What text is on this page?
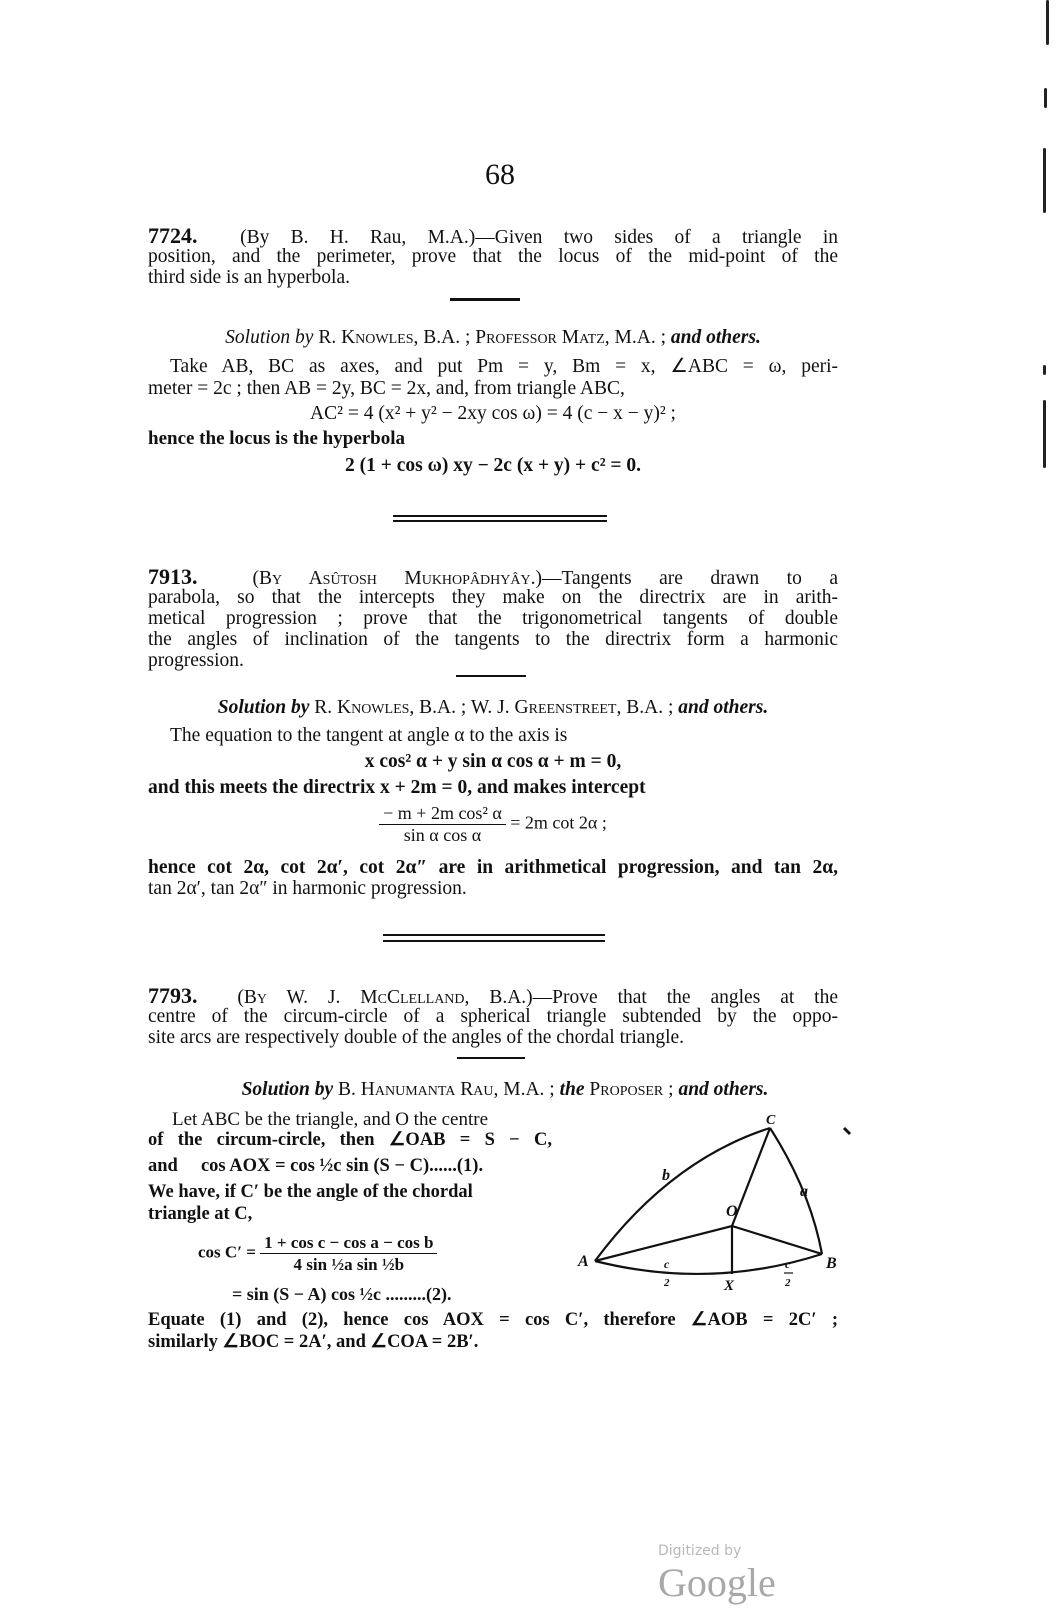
68
7724. (By B. H. Rau, M.A.)—Given two sides of a triangle in
position, and the perimeter, prove that the locus of the mid-point of the
third side is an hyperbola.
Solution by R. Knowles, B.A. ; Professor Matz, M.A. ; and others.
Take AB, BC as axes, and put Pm = y, Bm = x, ∠ABC = ω, peri-
meter = 2c ; then AB = 2y, BC = 2x, and, from triangle ABC,
AC² = 4 (x² + y² − 2xy cos ω) = 4 (c − x − y)² ;
hence the locus is the hyperbola
2 (1 + cos ω) xy − 2c (x + y) + c² = 0.
7913.	(By Asûtosh Mukhopâdhyây.)—Tangents are drawn to a
parabola, so that the intercepts they make on the directrix are in arith-
metical progression ; prove that the trigonometrical tangents of double
the angles of inclination of the tangents to the directrix form a harmonic
progression.
Solution by R. Knowles, B.A. ; W. J. Greenstreet, B.A. ; and others.
The equation to the tangent at angle α to the axis is
x cos² α + y sin α cos α + m = 0,
and this meets the directrix x + 2m = 0, and makes intercept
$\frac{\text{− m + 2m cos² α}}{\text{sin α cos α}} = 2m$ cot 2α ;
hence cot 2α, cot 2α′, cot 2α″ are in arithmetical progression, and tan 2α,
tan 2α′, tan 2α″ in harmonic progression.
7793. (By W. J. McClelland, B.A.)—Prove that the angles at the
centre of the circum-circle of a spherical triangle subtended by the oppo-
site arcs are respectively double of the angles of the chordal triangle.
Solution by B. Hanumanta Rau, M.A. ; the Proposer ; and others.
Let ABC be the triangle, and O the centre
of the circum-circle, then ∠OAB = S − C,
and cos AOX = cos ½c sin (S − C)......(1).
We have, if C′ be the angle of the chordal
triangle at C,
$\cos C' = \frac{\text{1 + cos c − cos a − cos b}}{\text{4 sin ½a sin ½b}}$
= sin (S − A) cos ½c .........(2).
Equate (1) and (2), hence cos AOX = cos C′, therefore ∠AOB = 2C′ ;
similarly ∠BOC = 2A′, and ∠COA = 2B′.
A	B
C
O
X
a
b
c
2
c
2
Digitized by Google
